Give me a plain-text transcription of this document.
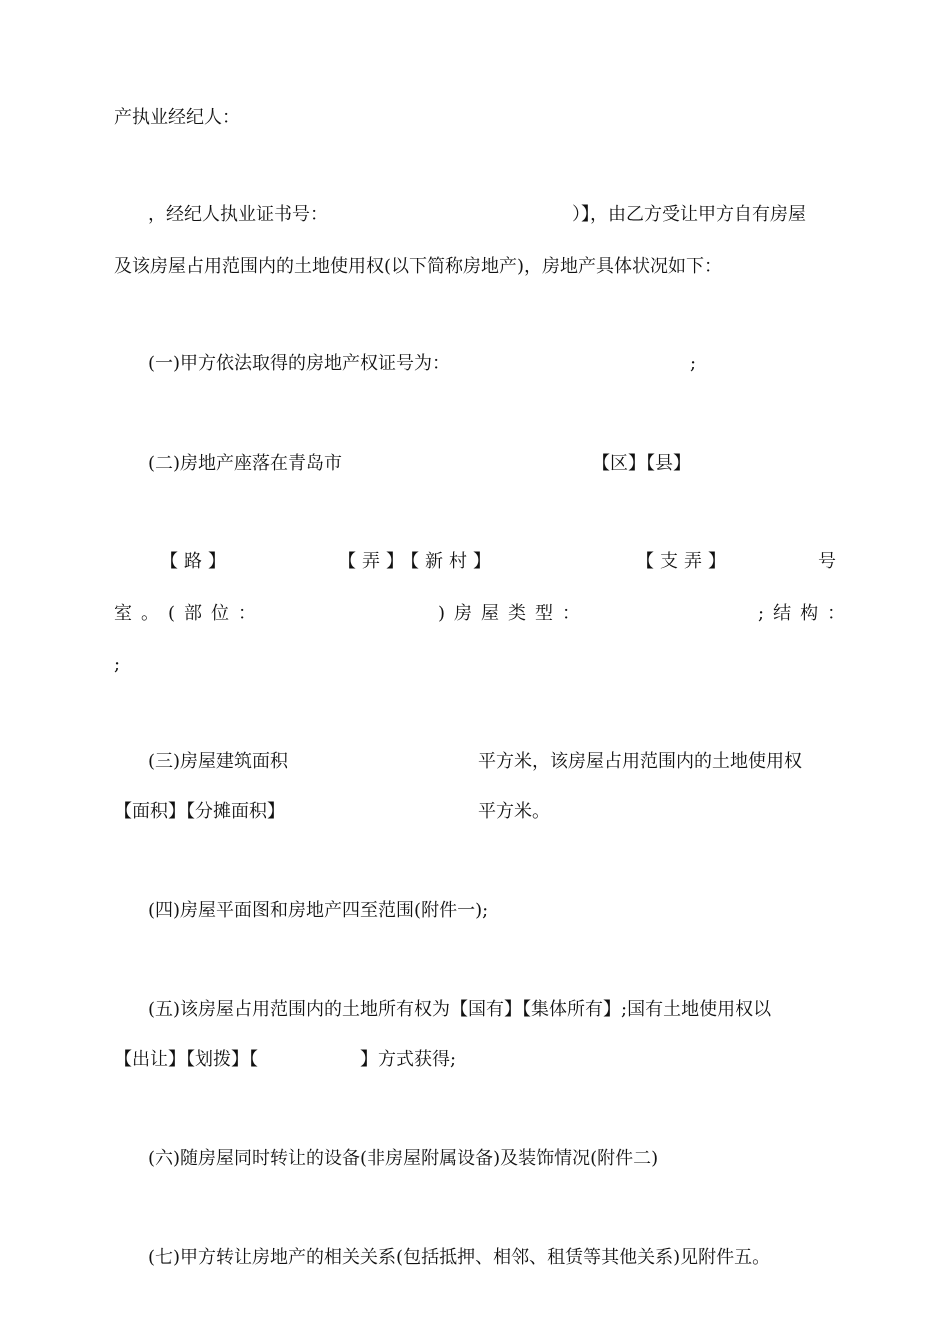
产执业经纪人：
，经纪人执业证书号：	）】，由乙方受让甲方自有房屋
及该房屋占用范围内的土地使用权(以下简称房地产)，房地产具体状况如下：
(一)甲方依法取得的房地产权证号为：	;
(二)房地产座落在青岛市	【区】【县】
【路】	【弄】【新村】	【支弄】	号
室。(部位：	)房屋类型：	;结构：
;
(三)房屋建筑面积	平方米，该房屋占用范围内的土地使用权
【面积】【分摊面积】	平方米。
(四)房屋平面图和房地产四至范围(附件一);
(五)该房屋占用范围内的土地所有权为【国有】【集体所有】;国有土地使用权以
【出让】【划拨】【	】方式获得;
(六)随房屋同时转让的设备(非房屋附属设备)及装饰情况(附件二)
(七)甲方转让房地产的相关关系(包括抵押、相邻、租赁等其他关系)见附件五。
